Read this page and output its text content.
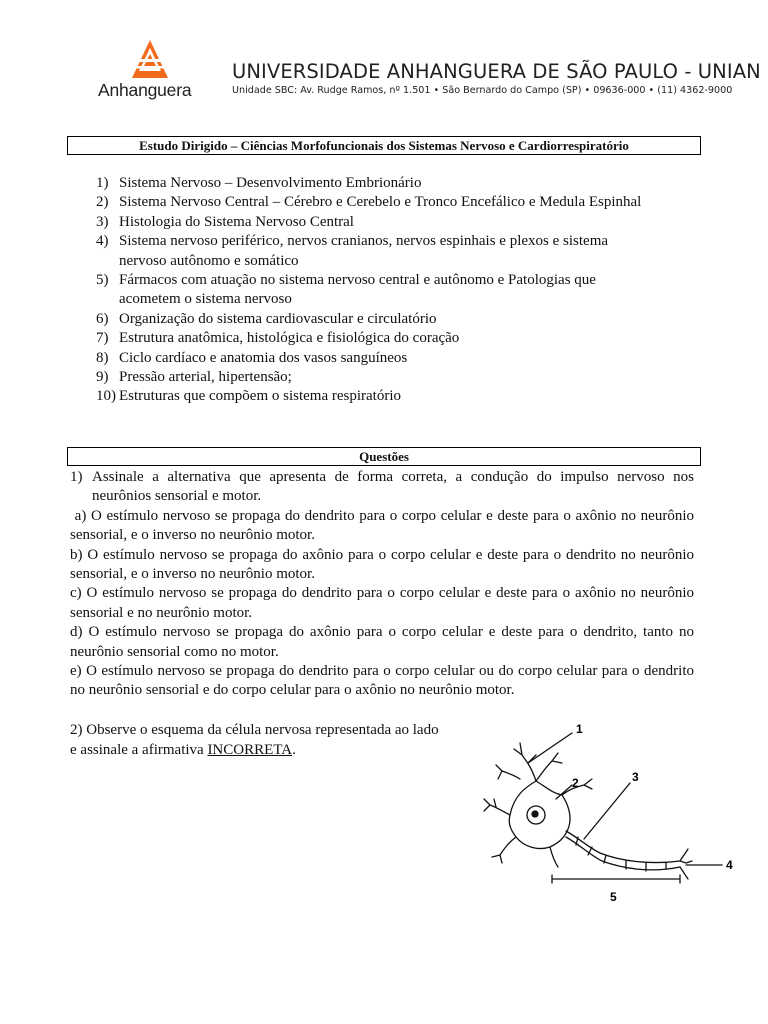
Anhanguera
UNIVERSIDADE ANHANGUERA DE SÃO PAULO - UNIAN
Unidade SBC: Av. Rudge Ramos, nº 1.501 • São Bernardo do Campo (SP) • 09636-000 • (11) 4362-9000
Estudo Dirigido – Ciências Morfofuncionais dos Sistemas Nervoso e Cardiorrespiratório
1) Sistema Nervoso – Desenvolvimento Embrionário
2) Sistema Nervoso Central – Cérebro e Cerebelo e Tronco Encefálico e Medula Espinhal
3) Histologia do Sistema Nervoso Central
4) Sistema nervoso periférico, nervos cranianos, nervos espinhais e plexos e sistema nervoso autônomo e somático
5) Fármacos com atuação no sistema nervoso central e autônomo e Patologias que acometem o sistema nervoso
6) Organização do sistema cardiovascular e circulatório
7) Estrutura anatômica, histológica e fisiológica do coração
8) Ciclo cardíaco e anatomia dos vasos sanguíneos
9) Pressão arterial, hipertensão;
10) Estruturas que compõem o sistema respiratório
Questões

1) Assinale a alternativa que apresenta de forma correta, a condução do impulso nervoso nos neurônios sensorial e motor.

a) O estímulo nervoso se propaga do dendrito para o corpo celular e deste para o axônio no neurônio sensorial, e o inverso no neurônio motor.

b) O estímulo nervoso se propaga do axônio para o corpo celular e deste para o dendrito no neurônio sensorial, e o inverso no neurônio motor.

c) O estímulo nervoso se propaga do dendrito para o corpo celular e deste para o axônio no neurônio sensorial e no neurônio motor.

d) O estímulo nervoso se propaga do axônio para o corpo celular e deste para o dendrito, tanto no neurônio sensorial como no motor.

e) O estímulo nervoso se propaga do dendrito para o corpo celular ou do corpo celular para o dendrito no neurônio sensorial e do corpo celular para o axônio no neurônio motor.

2) Observe o esquema da célula nervosa representada ao lado

e assinale a afirmativa INCORRETA.

1
2	3
4
5
